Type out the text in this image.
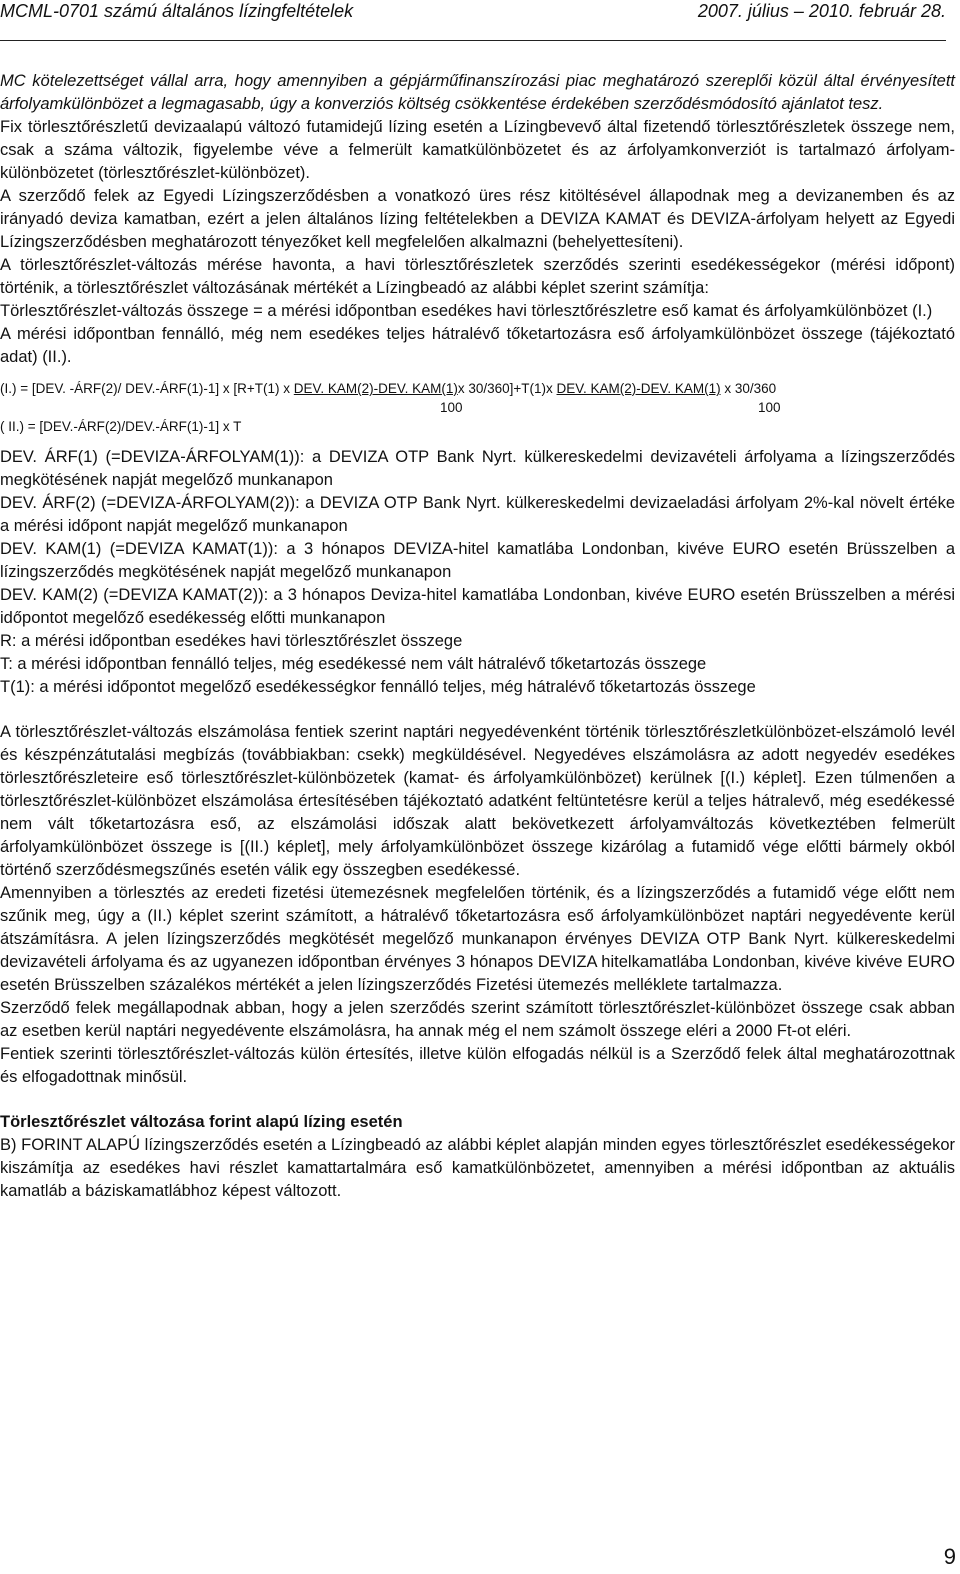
MCML-0701 számú általános lízingfeltételek	2007. július – 2010. február 28.

MC kötelezettséget vállal arra, hogy amennyiben a gépjárműfinanszírozási piac meghatározó szereplői közül által érvényesített árfolyamkülönbözet a legmagasabb, úgy a konverziós költség csökkentése érdekében szerződésmódosító ajánlatot tesz.

Fix törlesztőrészletű devizaalapú változó futamidejű lízing esetén a Lízingbevevő által fizetendő törlesztőrészletek összege nem, csak a száma változik, figyelembe véve a felmerült kamatkülönbözetet és az árfolyamkonverziót is tartalmazó árfolyam-különbözetet (törlesztőrészlet-különbözet).

A szerződő felek az Egyedi Lízingszerződésben a vonatkozó üres rész kitöltésével állapodnak meg a devizanemben és az irányadó deviza kamatban, ezért a jelen általános lízing feltételekben a DEVIZA KAMAT és DEVIZA-árfolyam helyett az Egyedi Lízingszerződésben meghatározott tényezőket kell megfelelően alkalmazni (behelyettesíteni).

A törlesztőrészlet-változás mérése havonta, a havi törlesztőrészletek szerződés szerinti esedékességekor (mérési időpont) történik, a törlesztőrészlet változásának mértékét a Lízingbeadó az alábbi képlet szerint számítja:

Törlesztőrészlet-változás összege = a mérési időpontban esedékes havi törlesztőrészletre eső kamat és árfolyamkülönbözet (I.)

A mérési időpontban fennálló, még nem esedékes teljes hátralévő tőketartozásra eső árfolyamkülönbözet összege (tájékoztató adat) (II.).

(I.) = [DEV. -ÁRF(2)/ DEV.-ÁRF(1)-1] x [R+T(1) x DEV. KAM(2)-DEV. KAM(1)x 30/360]+T(1)x DEV. KAM(2)-DEV. KAM(1) x 30/360
100	100
( II.) = [DEV.-ÁRF(2)/DEV.-ÁRF(1)-1] x T

DEV. ÁRF(1) (=DEVIZA-ÁRFOLYAM(1)): a DEVIZA OTP Bank Nyrt. külkereskedelmi devizavételi árfolyama a lízingszerződés megkötésének napját megelőző munkanapon

DEV. ÁRF(2) (=DEVIZA-ÁRFOLYAM(2)): a DEVIZA OTP Bank Nyrt. külkereskedelmi devizaeladási árfolyam 2%-kal növelt értéke a mérési időpont napját megelőző munkanapon

DEV. KAM(1) (=DEVIZA KAMAT(1)): a 3 hónapos DEVIZA-hitel kamatlába Londonban, kivéve EURO esetén Brüsszelben a lízingszerződés megkötésének napját megelőző munkanapon

DEV. KAM(2) (=DEVIZA KAMAT(2)): a 3 hónapos Deviza-hitel kamatlába Londonban, kivéve EURO esetén Brüsszelben a mérési időpontot megelőző esedékesség előtti munkanapon

R: a mérési időpontban esedékes havi törlesztőrészlet összege

T: a mérési időpontban fennálló teljes, még esedékessé nem vált hátralévő tőketartozás összege

T(1): a mérési időpontot megelőző esedékességkor fennálló teljes, még hátralévő tőketartozás összege

A törlesztőrészlet-változás elszámolása fentiek szerint naptári negyedévenként történik törlesztőrészletkülönbözet-elszámoló levél és készpénzátutalási megbízás (továbbiakban: csekk) megküldésével. Negyedéves elszámolásra az adott negyedév esedékes törlesztőrészleteire eső törlesztőrészlet-különbözetek (kamat- és árfolyamkülönbözet) kerülnek [(I.) képlet]. Ezen túlmenően a törlesztőrészlet-különbözet elszámolása értesítésében tájékoztató adatként feltüntetésre kerül a teljes hátralevő, még esedékessé nem vált tőketartozásra eső, az elszámolási időszak alatt bekövetkezett árfolyamváltozás következtében felmerült árfolyamkülönbözet összege is [(II.) képlet], mely árfolyamkülönbözet összege kizárólag a futamidő vége előtti bármely okból történő szerződésmegszűnés esetén válik egy összegben esedékessé.

Amennyiben a törlesztés az eredeti fizetési ütemezésnek megfelelően történik, és a lízingszerződés a futamidő vége előtt nem szűnik meg, úgy a (II.) képlet szerint számított, a hátralévő tőketartozásra eső árfolyamkülönbözet naptári negyedévente kerül átszámításra. A jelen lízingszerződés megkötését megelőző munkanapon érvényes DEVIZA OTP Bank Nyrt. külkereskedelmi devizavételi árfolyama és az ugyanezen időpontban érvényes 3 hónapos DEVIZA hitelkamatlába Londonban, kivéve kivéve EURO esetén Brüsszelben százalékos mértékét a jelen lízingszerződés Fizetési ütemezés melléklete tartalmazza.

Szerződő felek megállapodnak abban, hogy a jelen szerződés szerint számított törlesztőrészlet-különbözet összege csak abban az esetben kerül naptári negyedévente elszámolásra, ha annak még el nem számolt összege eléri a 2000 Ft-ot eléri.

Fentiek szerinti törlesztőrészlet-változás külön értesítés, illetve külön elfogadás nélkül is a Szerződő felek által meghatározottnak és elfogadottnak minősül.

Törlesztőrészlet változása forint alapú lízing esetén

B) FORINT ALAPÚ lízingszerződés esetén a Lízingbeadó az alábbi képlet alapján minden egyes törlesztőrészlet esedékességekor kiszámítja az esedékes havi részlet kamattartalmára eső kamatkülönbözetet, amennyiben a mérési időpontban az aktuális kamatláb a báziskamatlábhoz képest változott.

9
